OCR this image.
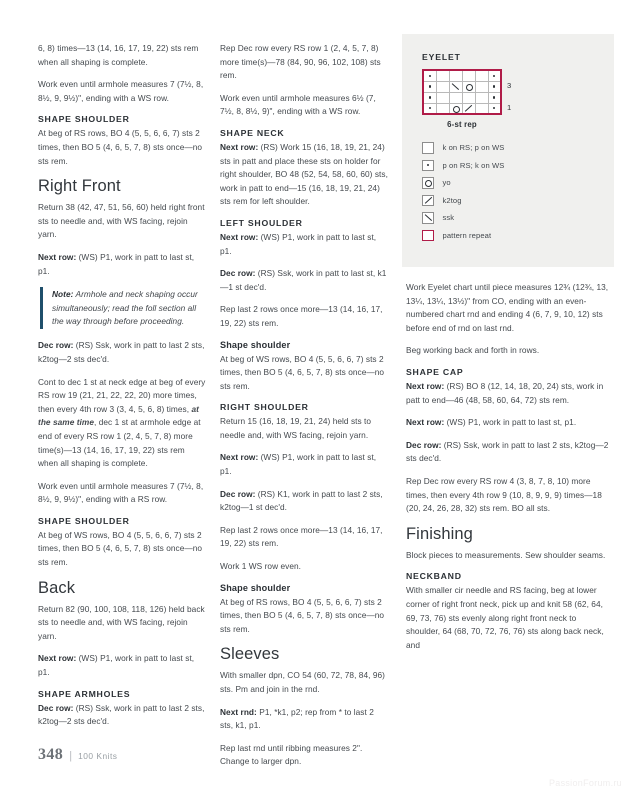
6, 8) times—13 (14, 16, 17, 19, 22) sts rem when all shaping is complete.

Work even until armhole measures 7 (7½, 8, 8½, 9, 9½)", ending with a WS row.

SHAPE SHOULDER

At beg of RS rows, BO 4 (5, 5, 6, 6, 7) sts 2 times, then BO 5 (4, 6, 5, 7, 8) sts once—no sts rem.

Right Front

Return 38 (42, 47, 51, 56, 60) held right front sts to needle and, with WS facing, rejoin yarn.

Next row: (WS) P1, work in patt to last st, p1.

Note: Armhole and neck shaping occur simultaneously; read the foll section all the way through before proceeding.

Dec row: (RS) Ssk, work in patt to last 2 sts, k2tog—2 sts dec'd.

Cont to dec 1 st at neck edge at beg of every RS row 19 (21, 21, 22, 22, 20) more times, then every 4th row 3 (3, 4, 5, 6, 8) times, at the same time, dec 1 st at armhole edge at end of every RS row 1 (2, 4, 5, 7, 8) more time(s)—13 (14, 16, 17, 19, 22) sts rem when all shaping is complete.

Work even until armhole measures 7 (7½, 8, 8½, 9, 9½)", ending with a RS row.

SHAPE SHOULDER

At beg of WS rows, BO 4 (5, 5, 6, 6, 7) sts 2 times, then BO 5 (4, 6, 5, 7, 8) sts once—no sts rem.

Back

Return 82 (90, 100, 108, 118, 126) held back sts to needle and, with WS facing, rejoin yarn.

Next row: (WS) P1, work in patt to last st, p1.

SHAPE ARMHOLES

Dec row: (RS) Ssk, work in patt to last 2 sts, k2tog—2 sts dec'd.

Rep Dec row every RS row 1 (2, 4, 5, 7, 8) more time(s)—78 (84, 90, 96, 102, 108) sts rem.

Work even until armhole measures 6½ (7, 7½, 8, 8½, 9)", ending with a WS row.

SHAPE NECK

Next row: (RS) Work 15 (16, 18, 19, 21, 24) sts in patt and place these sts on holder for right shoulder, BO 48 (52, 54, 58, 60, 60) sts, work in patt to end—15 (16, 18, 19, 21, 24) sts rem for left shoulder.

LEFT SHOULDER

Next row: (WS) P1, work in patt to last st, p1.

Dec row: (RS) Ssk, work in patt to last st, k1—1 st dec'd.

Rep last 2 rows once more—13 (14, 16, 17, 19, 22) sts rem.

Shape shoulder

At beg of WS rows, BO 4 (5, 5, 6, 6, 7) sts 2 times, then BO 5 (4, 6, 5, 7, 8) sts once—no sts rem.

RIGHT SHOULDER

Return 15 (16, 18, 19, 21, 24) held sts to needle and, with WS facing, rejoin yarn.

Next row: (WS) P1, work in patt to last st, p1.

Dec row: (RS) K1, work in patt to last 2 sts, k2tog—1 st dec'd.

Rep last 2 rows once more—13 (14, 16, 17, 19, 22) sts rem.

Work 1 WS row even.

Shape shoulder

At beg of RS rows, BO 4 (5, 5, 6, 6, 7) sts 2 times, then BO 5 (4, 6, 5, 7, 8) sts once—no sts rem.

Sleeves

With smaller dpn, CO 54 (60, 72, 78, 84, 96) sts. Pm and join in the rnd.

Next rnd: P1, *k1, p2; rep from * to last 2 sts, k1, p1.

Rep last rnd until ribbing measures 2". Change to larger dpn.

EYELET

6-st rep

3

1
k on RS; p on WS
p on RS; k on WS
yo
k2tog
ssk
pattern repeat

Work Eyelet chart until piece measures 12¾ (12¾, 13, 13¼, 13¼, 13½)" from CO, ending with an even-numbered chart rnd and ending 4 (6, 7, 9, 10, 12) sts before end of rnd on last rnd.

Beg working back and forth in rows.

SHAPE CAP

Next row: (RS) BO 8 (12, 14, 18, 20, 24) sts, work in patt to end—46 (48, 58, 60, 64, 72) sts rem.

Next row: (WS) P1, work in patt to last st, p1.

Dec row: (RS) Ssk, work in patt to last 2 sts, k2tog—2 sts dec'd.

Rep Dec row every RS row 4 (3, 8, 7, 8, 10) more times, then every 4th row 9 (10, 8, 9, 9, 9) times—18 (20, 24, 26, 28, 32) sts rem. BO all sts.

Finishing

Block pieces to measurements. Sew shoulder seams.

NECKBAND

With smaller cir needle and RS facing, beg at lower corner of right front neck, pick up and knit 58 (62, 64, 69, 73, 76) sts evenly along right front neck to shoulder, 64 (68, 70, 72, 76, 76) sts along back neck, and

348 | 100 Knits
PassionForum.ru
